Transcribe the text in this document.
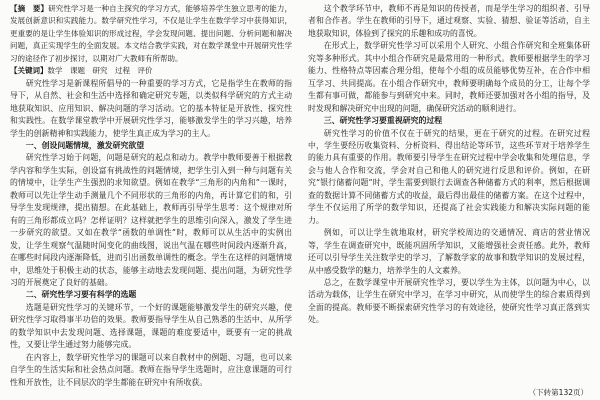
【摘　要】研究性学习是一种自主探究的学习方式，能够培养学生独立思考的能力，发展创新意识和实践能力。数学研究性学习，不仅是让学生在数学学习中获得知识，更重要的是让学生体验知识的形成过程，学会发现问题、提出问题、分析问题和解决问题，真正实现学生的全面发展。本文结合教学实践，对在数学课堂中开展研究性学习的途径作了初步探讨，以期对广大教师有所帮助。

【关键词】数学　课题　研究　过程　评价

研究性学习是新课程所倡导的一种重要的学习方式，它是指学生在教师的指导下，从自然、社会和生活中选择和确定研究专题，以类似科学研究的方式主动地获取知识、应用知识、解决问题的学习活动。它的基本特征是开放性、探究性和实践性。在数学课堂教学中开展研究性学习，能够激发学生的学习兴趣，培养学生的创新精神和实践能力，使学生真正成为学习的主人。

一、创设问题情境，激发研究欲望

研究性学习始于问题，问题是研究的起点和动力。教学中教师要善于根据教学内容和学生实际，创设富有挑战性的问题情境，把学生引入到一种与问题有关的情境中，让学生产生强烈的求知欲望。例如在教学“三角形的内角和”一课时，教师可以先让学生动手测量几个不同形状的三角形的内角，再计算它们的和，引导学生发现规律，提出猜想。在此基础上，教师再引导学生思考：这个规律对所有的三角形都成立吗？怎样证明？这样就把学生的思维引向深入，激发了学生进一步研究的欲望。又如在教学“函数的单调性”时，教师可以从生活中的实例出发，让学生观察气温随时间变化的曲线图，说出气温在哪些时间段内逐渐升高，在哪些时间段内逐渐降低，进而引出函数单调性的概念。学生在这样的问题情境中，思维处于积极主动的状态，能够主动地去发现问题、提出问题，为研究性学习的开展奠定了良好的基础。

二、研究性学习要有科学的选题

选题是研究性学习的关键环节，一个好的课题能够激发学生的研究兴趣，使研究性学习取得事半功倍的效果。教师要指导学生从自己熟悉的生活中、从所学的数学知识中去发现问题、选择课题，课题的难度要适中，既要有一定的挑战性，又要让学生通过努力能够完成。

在内容上，数学研究性学习的课题可以来自教材中的例题、习题，也可以来自学生的生活实际和社会热点问题。教师在指导学生选题时，应注意课题的可行性和开放性，让不同层次的学生都能在研究中有所收获。

这个教学环节中，教师不再是知识的传授者，而是学生学习的组织者、引导者和合作者。学生在教师的引导下，通过观察、实验、猜想、验证等活动，自主地获取知识，体验到了探究的乐趣和成功的喜悦。

在形式上，数学研究性学习可以采用个人研究、小组合作研究和全班集体研究等多种形式。其中小组合作研究是最常用的一种形式。教师要根据学生的学习能力、性格特点等因素合理分组，使每个小组的成员能够优势互补，在合作中相互学习、共同提高。在小组合作研究中，教师要明确每个成员的分工，让每个学生都有事可做，都能参与到研究中来。同时，教师还要加强对各小组的指导，及时发现和解决研究中出现的问题，确保研究活动的顺利进行。

三、研究性学习要重视研究的过程

研究性学习的价值不仅在于研究的结果，更在于研究的过程。在研究过程中，学生要经历收集资料、分析资料、得出结论等环节，这些环节对于培养学生的能力具有重要的作用。教师要引导学生在研究过程中学会收集和处理信息，学会与他人合作和交流，学会对自己和他人的研究进行反思和评价。例如，在研究“银行储蓄问题”时，学生需要到银行去调查各种储蓄方式的利率，然后根据调查的数据计算不同储蓄方式的收益，最后得出最佳的储蓄方案。在这个过程中，学生不仅运用了所学的数学知识，还提高了社会实践能力和解决实际问题的能力。

例如，可以让学生就地取材，研究学校周边的交通情况、商店的营业情况等，学生在调查研究中，既能巩固所学知识，又能增强社会责任感。此外，教师还可以引导学生关注数学史的学习，了解数学家的故事和数学知识的发展过程，从中感受数学的魅力，培养学生的人文素养。

总之，在数学课堂中开展研究性学习，要以学生为主体，以问题为中心，以活动为载体，让学生在研究中学习，在学习中研究，从而使学生的综合素质得到全面的提高。教师要不断探索研究性学习的有效途径，使研究性学习真正落到实处。

（下转第132页）
